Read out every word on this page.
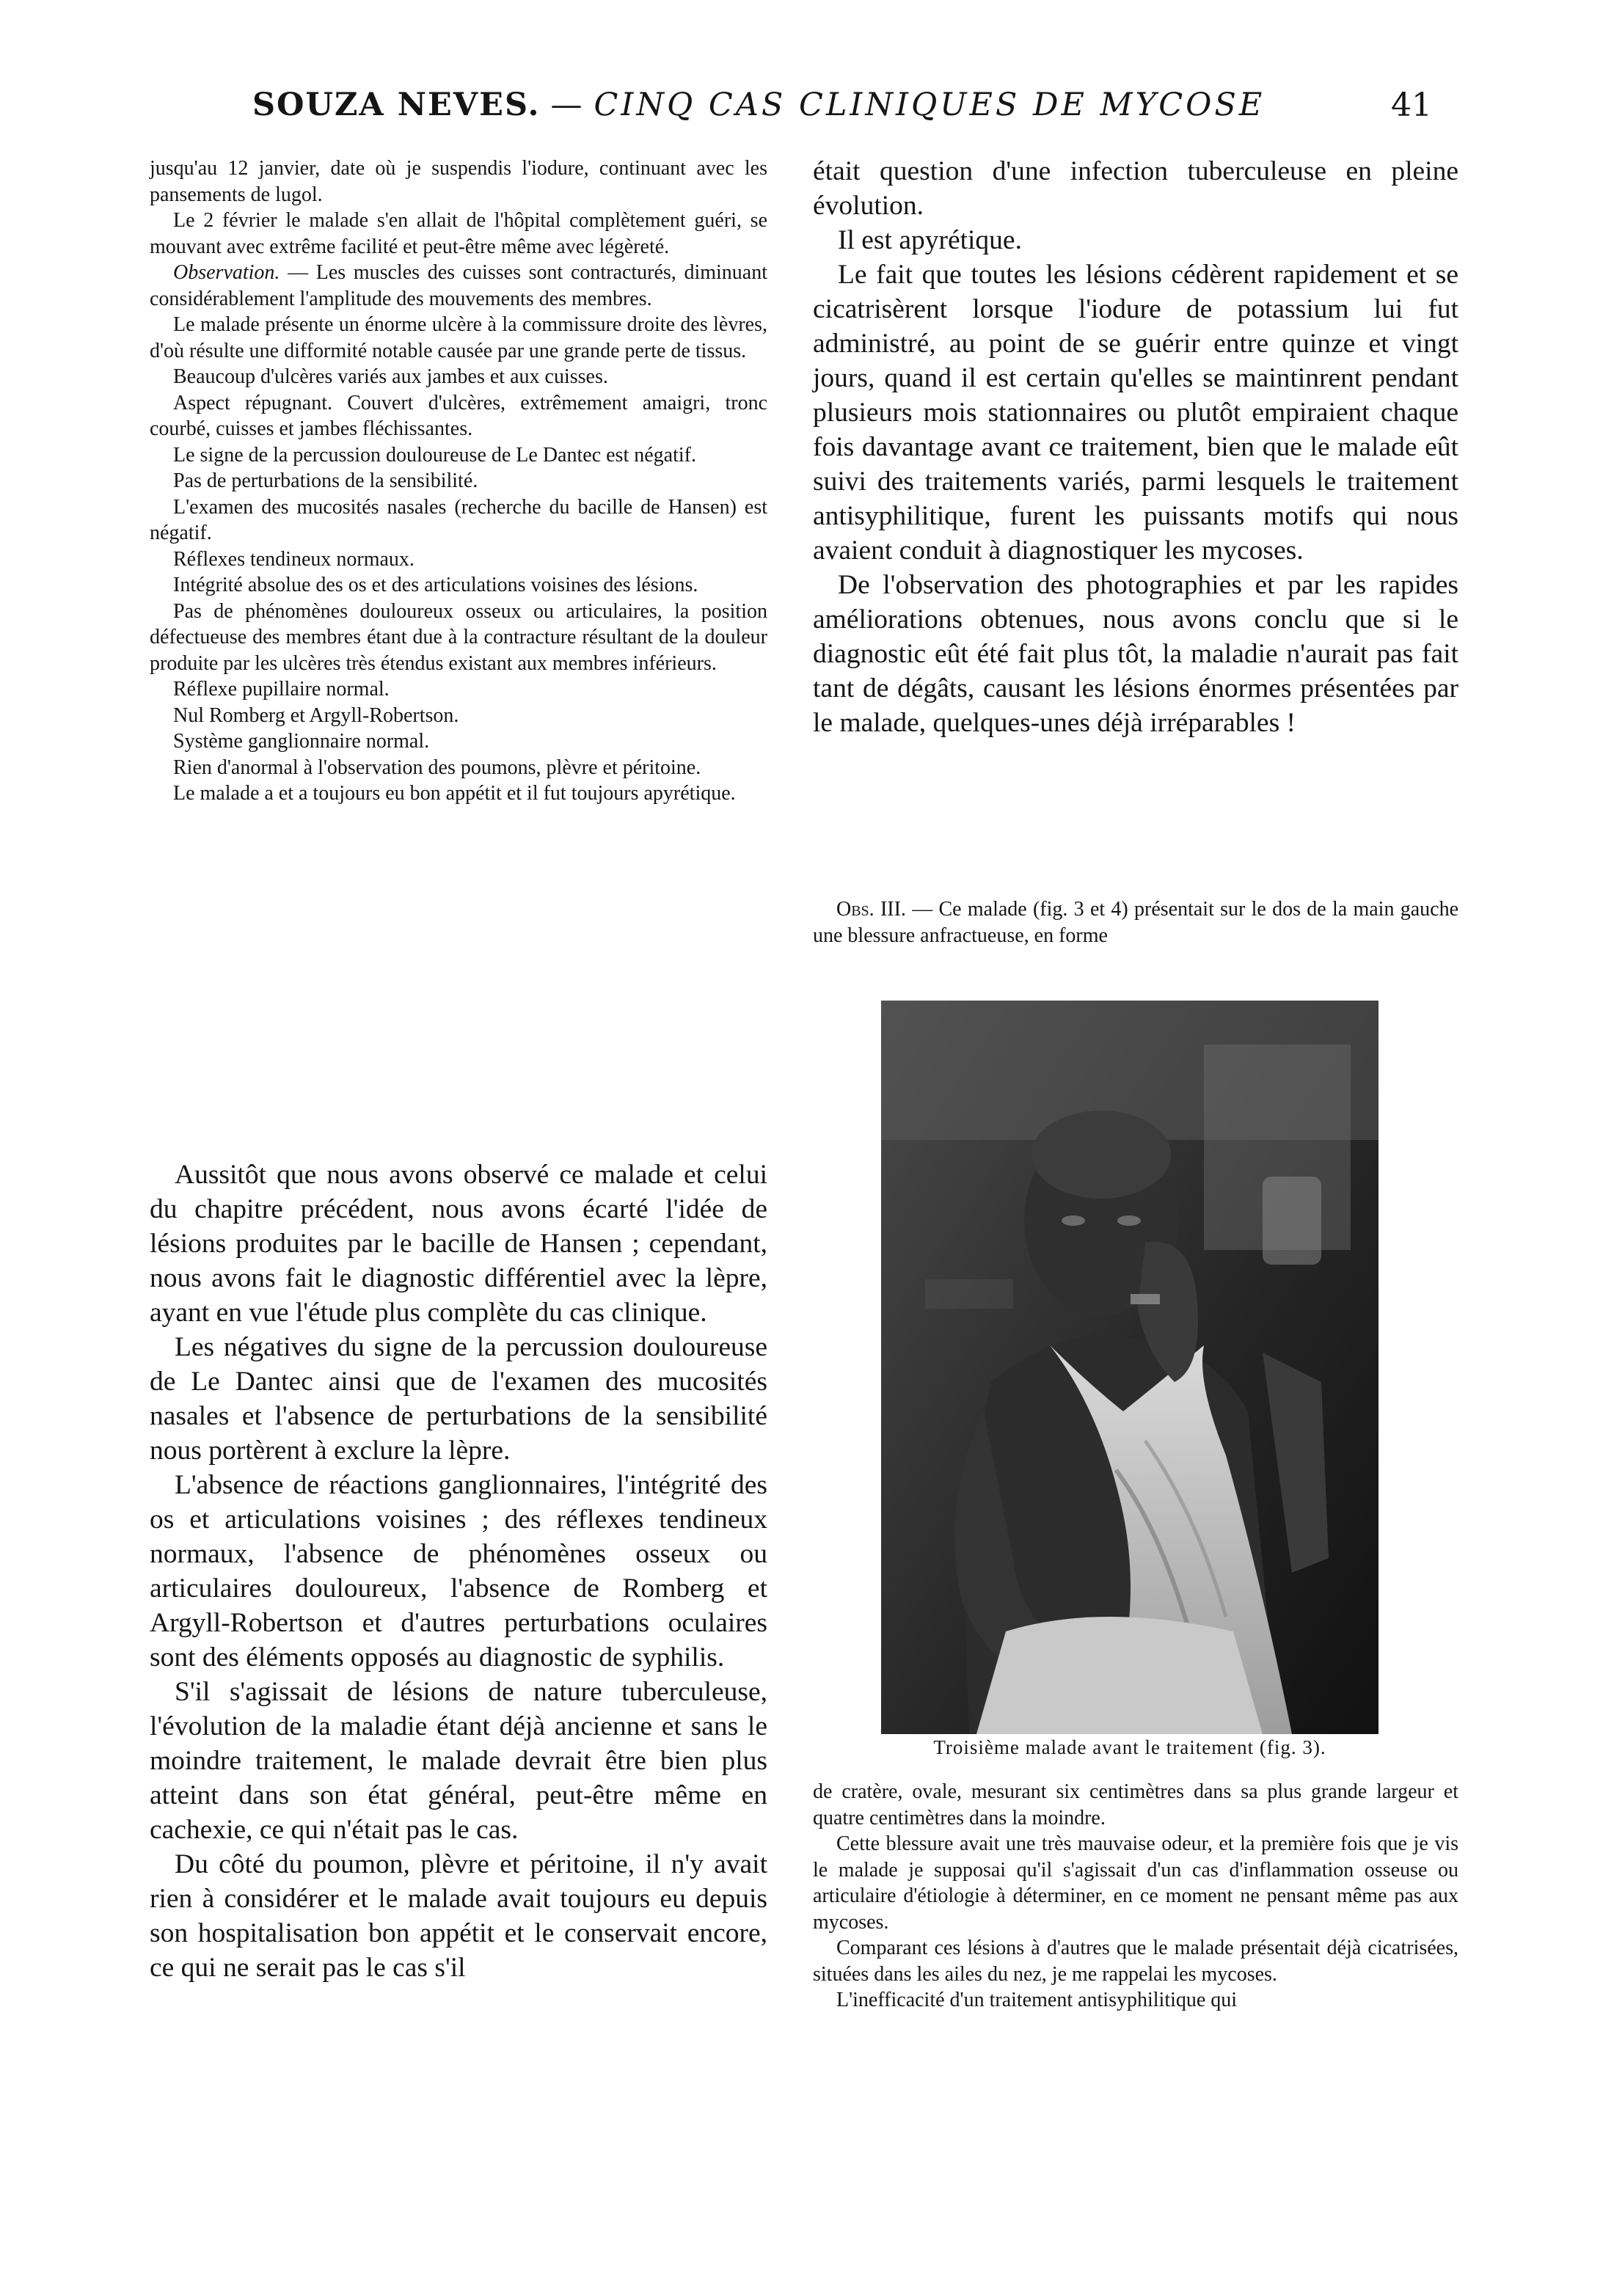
SOUZA NEVES. — CINQ CAS CLINIQUES DE MYCOSE	41

jusqu'au 12 janvier, date où je suspendis l'iodure, continuant avec les pansements de lugol.

Le 2 février le malade s'en allait de l'hôpital complètement guéri, se mouvant avec extrême facilité et peut-être même avec légèreté.

Observation. — Les muscles des cuisses sont contracturés, diminuant considérablement l'amplitude des mouvements des membres.

Le malade présente un énorme ulcère à la commissure droite des lèvres, d'où résulte une difformité notable causée par une grande perte de tissus.

Beaucoup d'ulcères variés aux jambes et aux cuisses.

Aspect répugnant. Couvert d'ulcères, extrêmement amaigri, tronc courbé, cuisses et jambes fléchissantes.

Le signe de la percussion douloureuse de Le Dantec est négatif.

Pas de perturbations de la sensibilité.

L'examen des mucosités nasales (recherche du bacille de Hansen) est négatif.

Réflexes tendineux normaux.

Intégrité absolue des os et des articulations voisines des lésions.

Pas de phénomènes douloureux osseux ou articulaires, la position défectueuse des membres étant due à la contracture résultant de la douleur produite par les ulcères très étendus existant aux membres inférieurs.

Réflexe pupillaire normal.

Nul Romberg et Argyll-Robertson.

Système ganglionnaire normal.

Rien d'anormal à l'observation des poumons, plèvre et péritoine.

Le malade a et a toujours eu bon appétit et il fut toujours apyrétique.

Aussitôt que nous avons observé ce malade et celui du chapitre précédent, nous avons écarté l'idée de lésions produites par le bacille de Hansen ; cependant, nous avons fait le diagnostic différentiel avec la lèpre, ayant en vue l'étude plus complète du cas clinique.

Les négatives du signe de la percussion douloureuse de Le Dantec ainsi que de l'examen des mucosités nasales et l'absence de perturbations de la sensibilité nous portèrent à exclure la lèpre.

L'absence de réactions ganglionnaires, l'intégrité des os et articulations voisines ; des réflexes tendineux normaux, l'absence de phénomènes osseux ou articulaires douloureux, l'absence de Romberg et Argyll-Robertson et d'autres perturbations oculaires sont des éléments opposés au diagnostic de syphilis.

S'il s'agissait de lésions de nature tuberculeuse, l'évolution de la maladie étant déjà ancienne et sans le moindre traitement, le malade devrait être bien plus atteint dans son état général, peut-être même en cachexie, ce qui n'était pas le cas.

Du côté du poumon, plèvre et péritoine, il n'y avait rien à considérer et le malade avait toujours eu depuis son hospitalisation bon appétit et le conservait encore, ce qui ne serait pas le cas s'il

était question d'une infection tuberculeuse en pleine évolution.

Il est apyrétique.

Le fait que toutes les lésions cédèrent rapidement et se cicatrisèrent lorsque l'iodure de potassium lui fut administré, au point de se guérir entre quinze et vingt jours, quand il est certain qu'elles se maintinrent pendant plusieurs mois stationnaires ou plutôt empiraient chaque fois davantage avant ce traitement, bien que le malade eût suivi des traitements variés, parmi lesquels le traitement antisyphilitique, furent les puissants motifs qui nous avaient conduit à diagnostiquer les mycoses.

De l'observation des photographies et par les rapides améliorations obtenues, nous avons conclu que si le diagnostic eût été fait plus tôt, la maladie n'aurait pas fait tant de dégâts, causant les lésions énormes présentées par le malade, quelques-unes déjà irréparables !

Obs. III. — Ce malade (fig. 3 et 4) présentait sur le dos de la main gauche une blessure anfractueuse, en forme

Troisième malade avant le traitement (fig. 3).

de cratère, ovale, mesurant six centimètres dans sa plus grande largeur et quatre centimètres dans la moindre.

Cette blessure avait une très mauvaise odeur, et la première fois que je vis le malade je supposai qu'il s'agissait d'un cas d'inflammation osseuse ou articulaire d'étiologie à déterminer, en ce moment ne pensant même pas aux mycoses.

Comparant ces lésions à d'autres que le malade présentait déjà cicatrisées, situées dans les ailes du nez, je me rappelai les mycoses.

L'inefficacité d'un traitement antisyphilitique qui
